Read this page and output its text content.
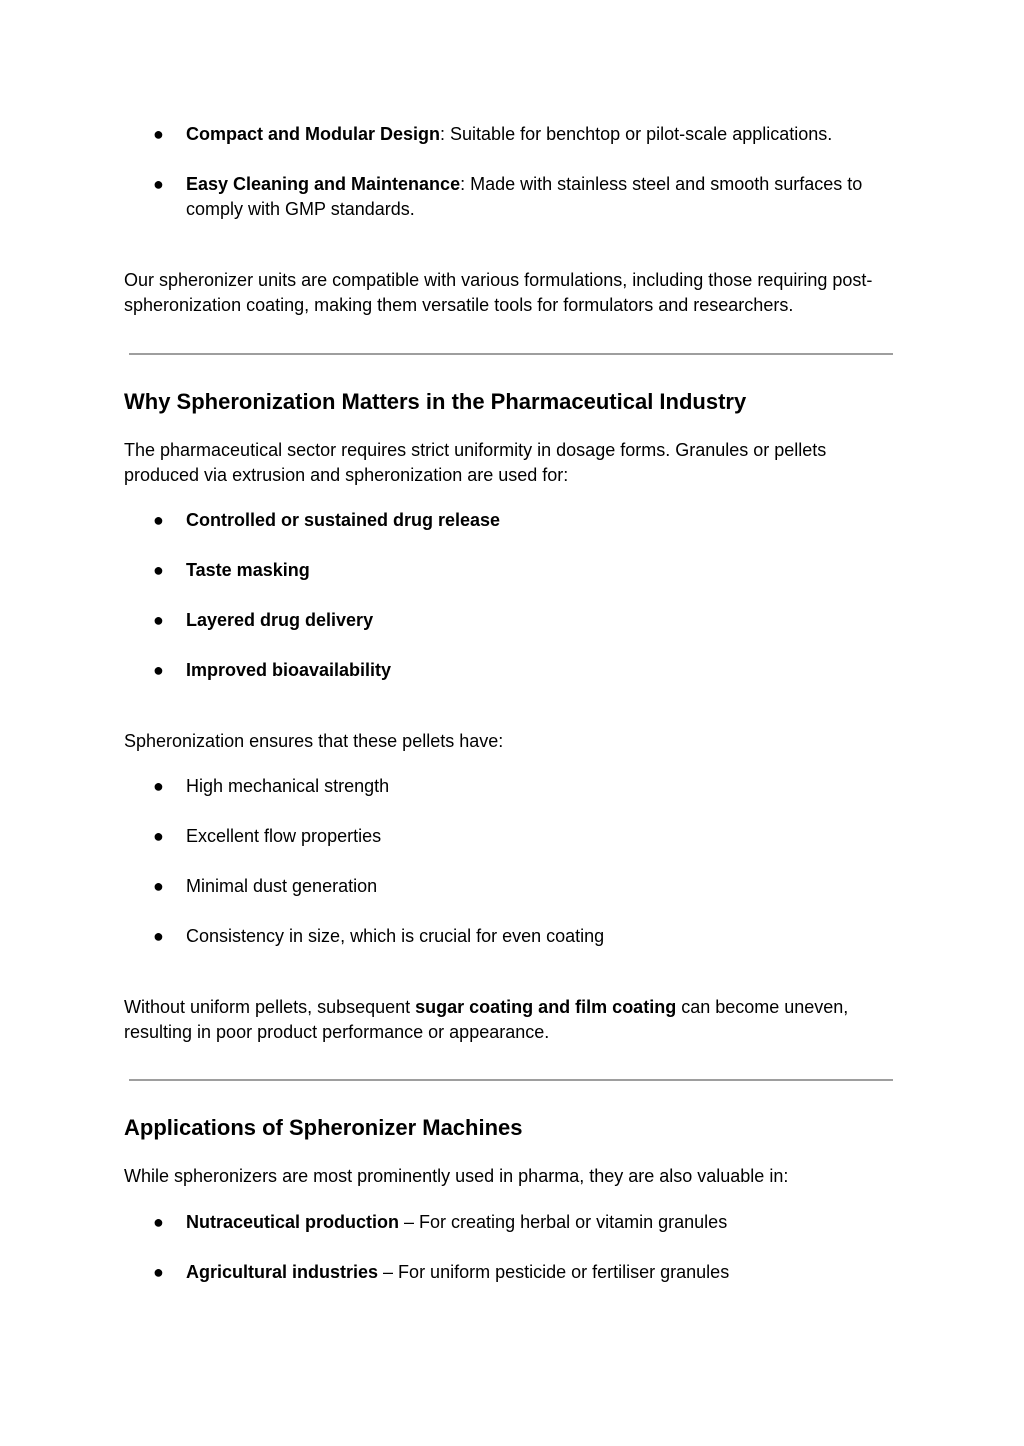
● Compact and Modular Design: Suitable for benchtop or pilot-scale applications.
● Easy Cleaning and Maintenance: Made with stainless steel and smooth surfaces to comply with GMP standards.

Our spheronizer units are compatible with various formulations, including those requiring post-spheronization coating, making them versatile tools for formulators and researchers.

Why Spheronization Matters in the Pharmaceutical Industry

The pharmaceutical sector requires strict uniformity in dosage forms. Granules or pellets produced via extrusion and spheronization are used for:

● Controlled or sustained drug release
● Taste masking
● Layered drug delivery
● Improved bioavailability

Spheronization ensures that these pellets have:

● High mechanical strength
● Excellent flow properties
● Minimal dust generation
● Consistency in size, which is crucial for even coating

Without uniform pellets, subsequent sugar coating and film coating can become uneven, resulting in poor product performance or appearance.

Applications of Spheronizer Machines

While spheronizers are most prominently used in pharma, they are also valuable in:

● Nutraceutical production – For creating herbal or vitamin granules
● Agricultural industries – For uniform pesticide or fertiliser granules
